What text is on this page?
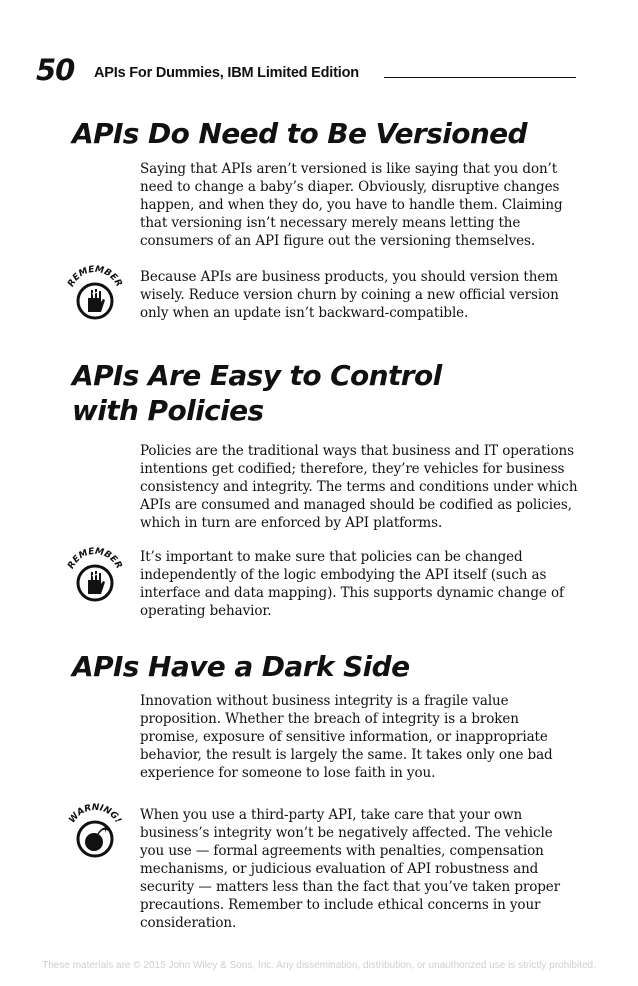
50 APIs For Dummies, IBM Limited Edition
APIs Do Need to Be Versioned

Saying that APIs aren’t versioned is like saying that you don’t need to change a baby’s diaper. Obviously, disruptive changes happen, and when they do, you have to handle them. Claiming that versioning isn’t necessary merely means letting the consumers of an API figure out the versioning themselves.

REMEMBER Because APIs are business products, you should version them wisely. Reduce version churn by coining a new official version only when an update isn’t backward-compatible.

APIs Are Easy to Control
with Policies

Policies are the traditional ways that business and IT operations intentions get codified; therefore, they’re vehicles for business consistency and integrity. The terms and conditions under which APIs are consumed and managed should be codified as policies, which in turn are enforced by API platforms.

REMEMBER

It’s important to make sure that policies can be changed independently of the logic embodying the API itself (such as interface and data mapping). This supports dynamic change of operating behavior.

APIs Have a Dark Side

Innovation without business integrity is a fragile value proposition. Whether the breach of integrity is a broken promise, exposure of sensitive information, or inappropriate behavior, the result is largely the same. It takes only one bad experience for someone to lose faith in you.

WARNING! When you use a third-party API, take care that your own business’s integrity won’t be negatively affected. The vehicle you use — formal agreements with penalties, compensation mechanisms, or judicious evaluation of API robustness and security — matters less than the fact that you’ve taken proper precautions. Remember to include ethical concerns in your consideration.

These materials are © 2015 John Wiley & Sons, Inc. Any dissemination, distribution, or unauthorized use is strictly prohibited.
